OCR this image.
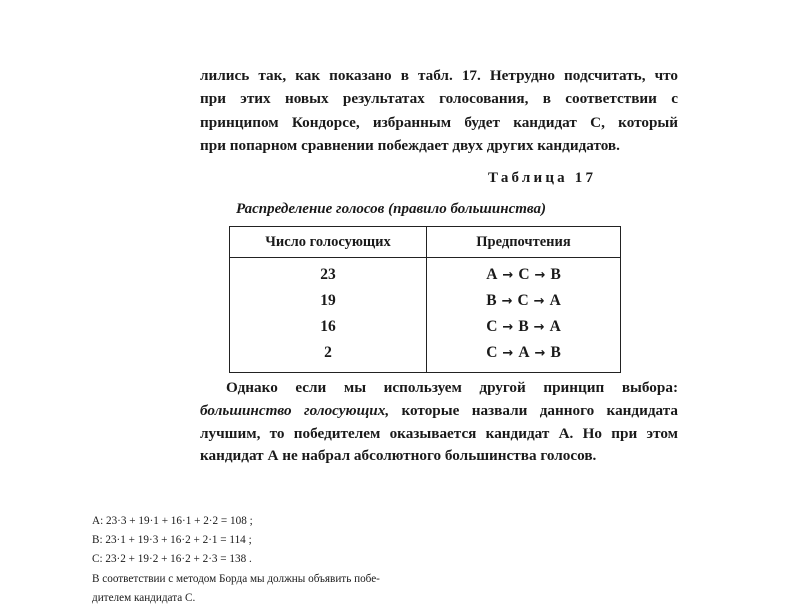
лились так, как показано в табл. 17. Нетрудно подсчитать, что
при этих новых результатах голосования, в соответствии с
принципом Кондорсе, избранным будет кандидат С, который
при попарном сравнении побеждает двух других кандидатов.
Таблица 17
Распределение голосов (правило большинства)
Число голосующих	Предпочтения
23	A → C → B
19	B → C → A
16	C → B → A
2	C → A → B
Однако если мы используем другой принцип выбора:
большинство голосующих, которые назвали данного кандидата
лучшим, то победителем оказывается кандидат А. Но при этом
кандидат А не набрал абсолютного большинства голосов.
A: 23·3 + 19·1 + 16·1 + 2·2 = 108 ;
B: 23·1 + 19·3 + 16·2 + 2·1 = 114 ;
C: 23·2 + 19·2 + 16·2 + 2·3 = 138 .
В соответствии с методом Борда мы должны объявить побе-
дителем кандидата С.
